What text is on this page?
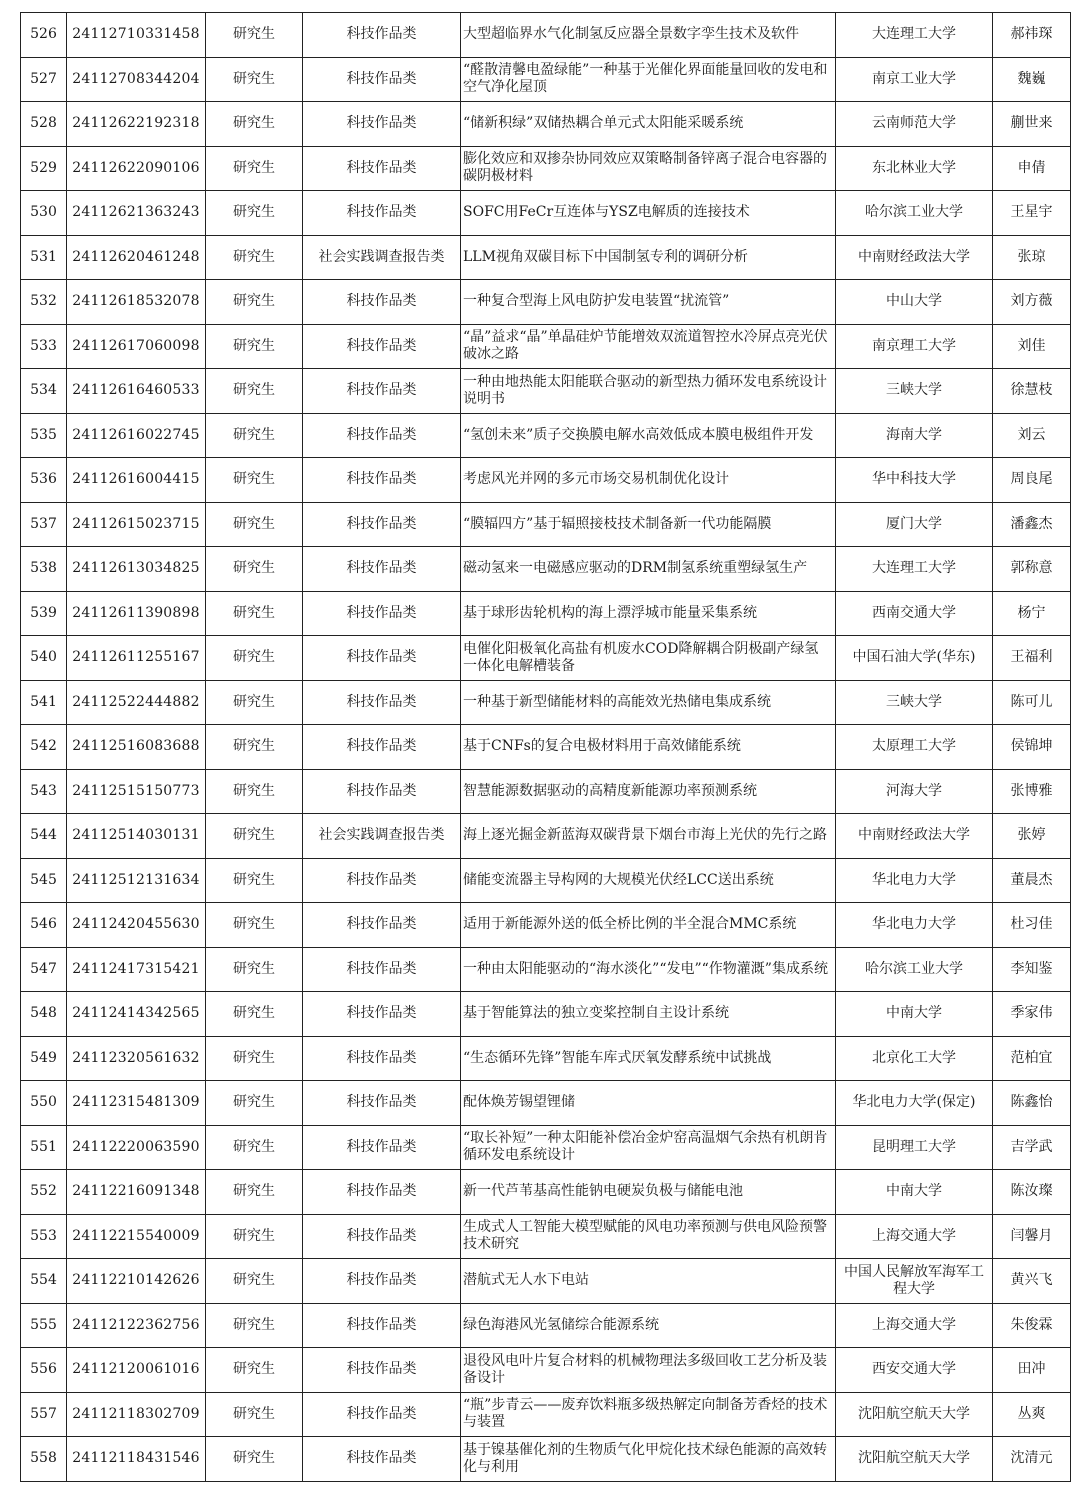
526	24112710331458	研究生	科技作品类	大型超临界水气化制氢反应器全景数字孪生技术及软件	大连理工大学	郝祎琛
527	24112708344204	研究生	科技作品类	“醛散清馨电盈绿能”一种基于光催化界面能量回收的发电和空气净化屋顶	南京工业大学	魏巍
528	24112622192318	研究生	科技作品类	“储新积绿”双储热耦合单元式太阳能采暖系统	云南师范大学	蒯世来
529	24112622090106	研究生	科技作品类	膨化效应和双掺杂协同效应双策略制备锌离子混合电容器的碳阴极材料	东北林业大学	申倩
530	24112621363243	研究生	科技作品类	SOFC用FeCr互连体与YSZ电解质的连接技术	哈尔滨工业大学	王星宇
531	24112620461248	研究生	社会实践调查报告类	LLM视角双碳目标下中国制氢专利的调研分析	中南财经政法大学	张琼
532	24112618532078	研究生	科技作品类	一种复合型海上风电防护发电装置“扰流管”	中山大学	刘方薇
533	24112617060098	研究生	科技作品类	“晶”益求“晶”单晶硅炉节能增效双流道智控水冷屏点亮光伏破冰之路	南京理工大学	刘佳
534	24112616460533	研究生	科技作品类	一种由地热能太阳能联合驱动的新型热力循环发电系统设计说明书	三峡大学	徐慧枝
535	24112616022745	研究生	科技作品类	“氢创未来”质子交换膜电解水高效低成本膜电极组件开发	海南大学	刘云
536	24112616004415	研究生	科技作品类	考虑风光并网的多元市场交易机制优化设计	华中科技大学	周良尾
537	24112615023715	研究生	科技作品类	“膜辐四方”基于辐照接枝技术制备新一代功能隔膜	厦门大学	潘鑫杰
538	24112613034825	研究生	科技作品类	磁动氢来一电磁感应驱动的DRM制氢系统重塑绿氢生产	大连理工大学	郭称意
539	24112611390898	研究生	科技作品类	基于球形齿轮机构的海上漂浮城市能量采集系统	西南交通大学	杨宁
540	24112611255167	研究生	科技作品类	电催化阳极氧化高盐有机废水COD降解耦合阴极副产绿氢一体化电解槽装备	中国石油大学(华东)	王福利
541	24112522444882	研究生	科技作品类	一种基于新型储能材料的高能效光热储电集成系统	三峡大学	陈可儿
542	24112516083688	研究生	科技作品类	基于CNFs的复合电极材料用于高效储能系统	太原理工大学	侯锦坤
543	24112515150773	研究生	科技作品类	智慧能源数据驱动的高精度新能源功率预测系统	河海大学	张博雅
544	24112514030131	研究生	社会实践调查报告类	海上逐光掘金新蓝海双碳背景下烟台市海上光伏的先行之路	中南财经政法大学	张婷
545	24112512131634	研究生	科技作品类	储能变流器主导构网的大规模光伏经LCC送出系统	华北电力大学	董晨杰
546	24112420455630	研究生	科技作品类	适用于新能源外送的低全桥比例的半全混合MMC系统	华北电力大学	杜习佳
547	24112417315421	研究生	科技作品类	一种由太阳能驱动的“海水淡化”“发电”“作物灌溉”集成系统	哈尔滨工业大学	李知鉴
548	24112414342565	研究生	科技作品类	基于智能算法的独立变桨控制自主设计系统	中南大学	季家伟
549	24112320561632	研究生	科技作品类	“生态循环先锋”智能车库式厌氧发酵系统中试挑战	北京化工大学	范柏宜
550	24112315481309	研究生	科技作品类	配体焕芳锡望锂储	华北电力大学(保定)	陈鑫怡
551	24112220063590	研究生	科技作品类	“取长补短”一种太阳能补偿冶金炉窑高温烟气余热有机朗肯循环发电系统设计	昆明理工大学	吉学武
552	24112216091348	研究生	科技作品类	新一代芦苇基高性能钠电硬炭负极与储能电池	中南大学	陈汝璨
553	24112215540009	研究生	科技作品类	生成式人工智能大模型赋能的风电功率预测与供电风险预警技术研究	上海交通大学	闫馨月
554	24112210142626	研究生	科技作品类	潜航式无人水下电站	中国人民解放军海军工程大学	黄兴飞
555	24112122362756	研究生	科技作品类	绿色海港风光氢储综合能源系统	上海交通大学	朱俊霖
556	24112120061016	研究生	科技作品类	退役风电叶片复合材料的机械物理法多级回收工艺分析及装备设计	西安交通大学	田冲
557	24112118302709	研究生	科技作品类	“瓶”步青云——废弃饮料瓶多级热解定向制备芳香烃的技术与装置	沈阳航空航天大学	丛爽
558	24112118431546	研究生	科技作品类	基于镍基催化剂的生物质气化甲烷化技术绿色能源的高效转化与利用	沈阳航空航天大学	沈清元
